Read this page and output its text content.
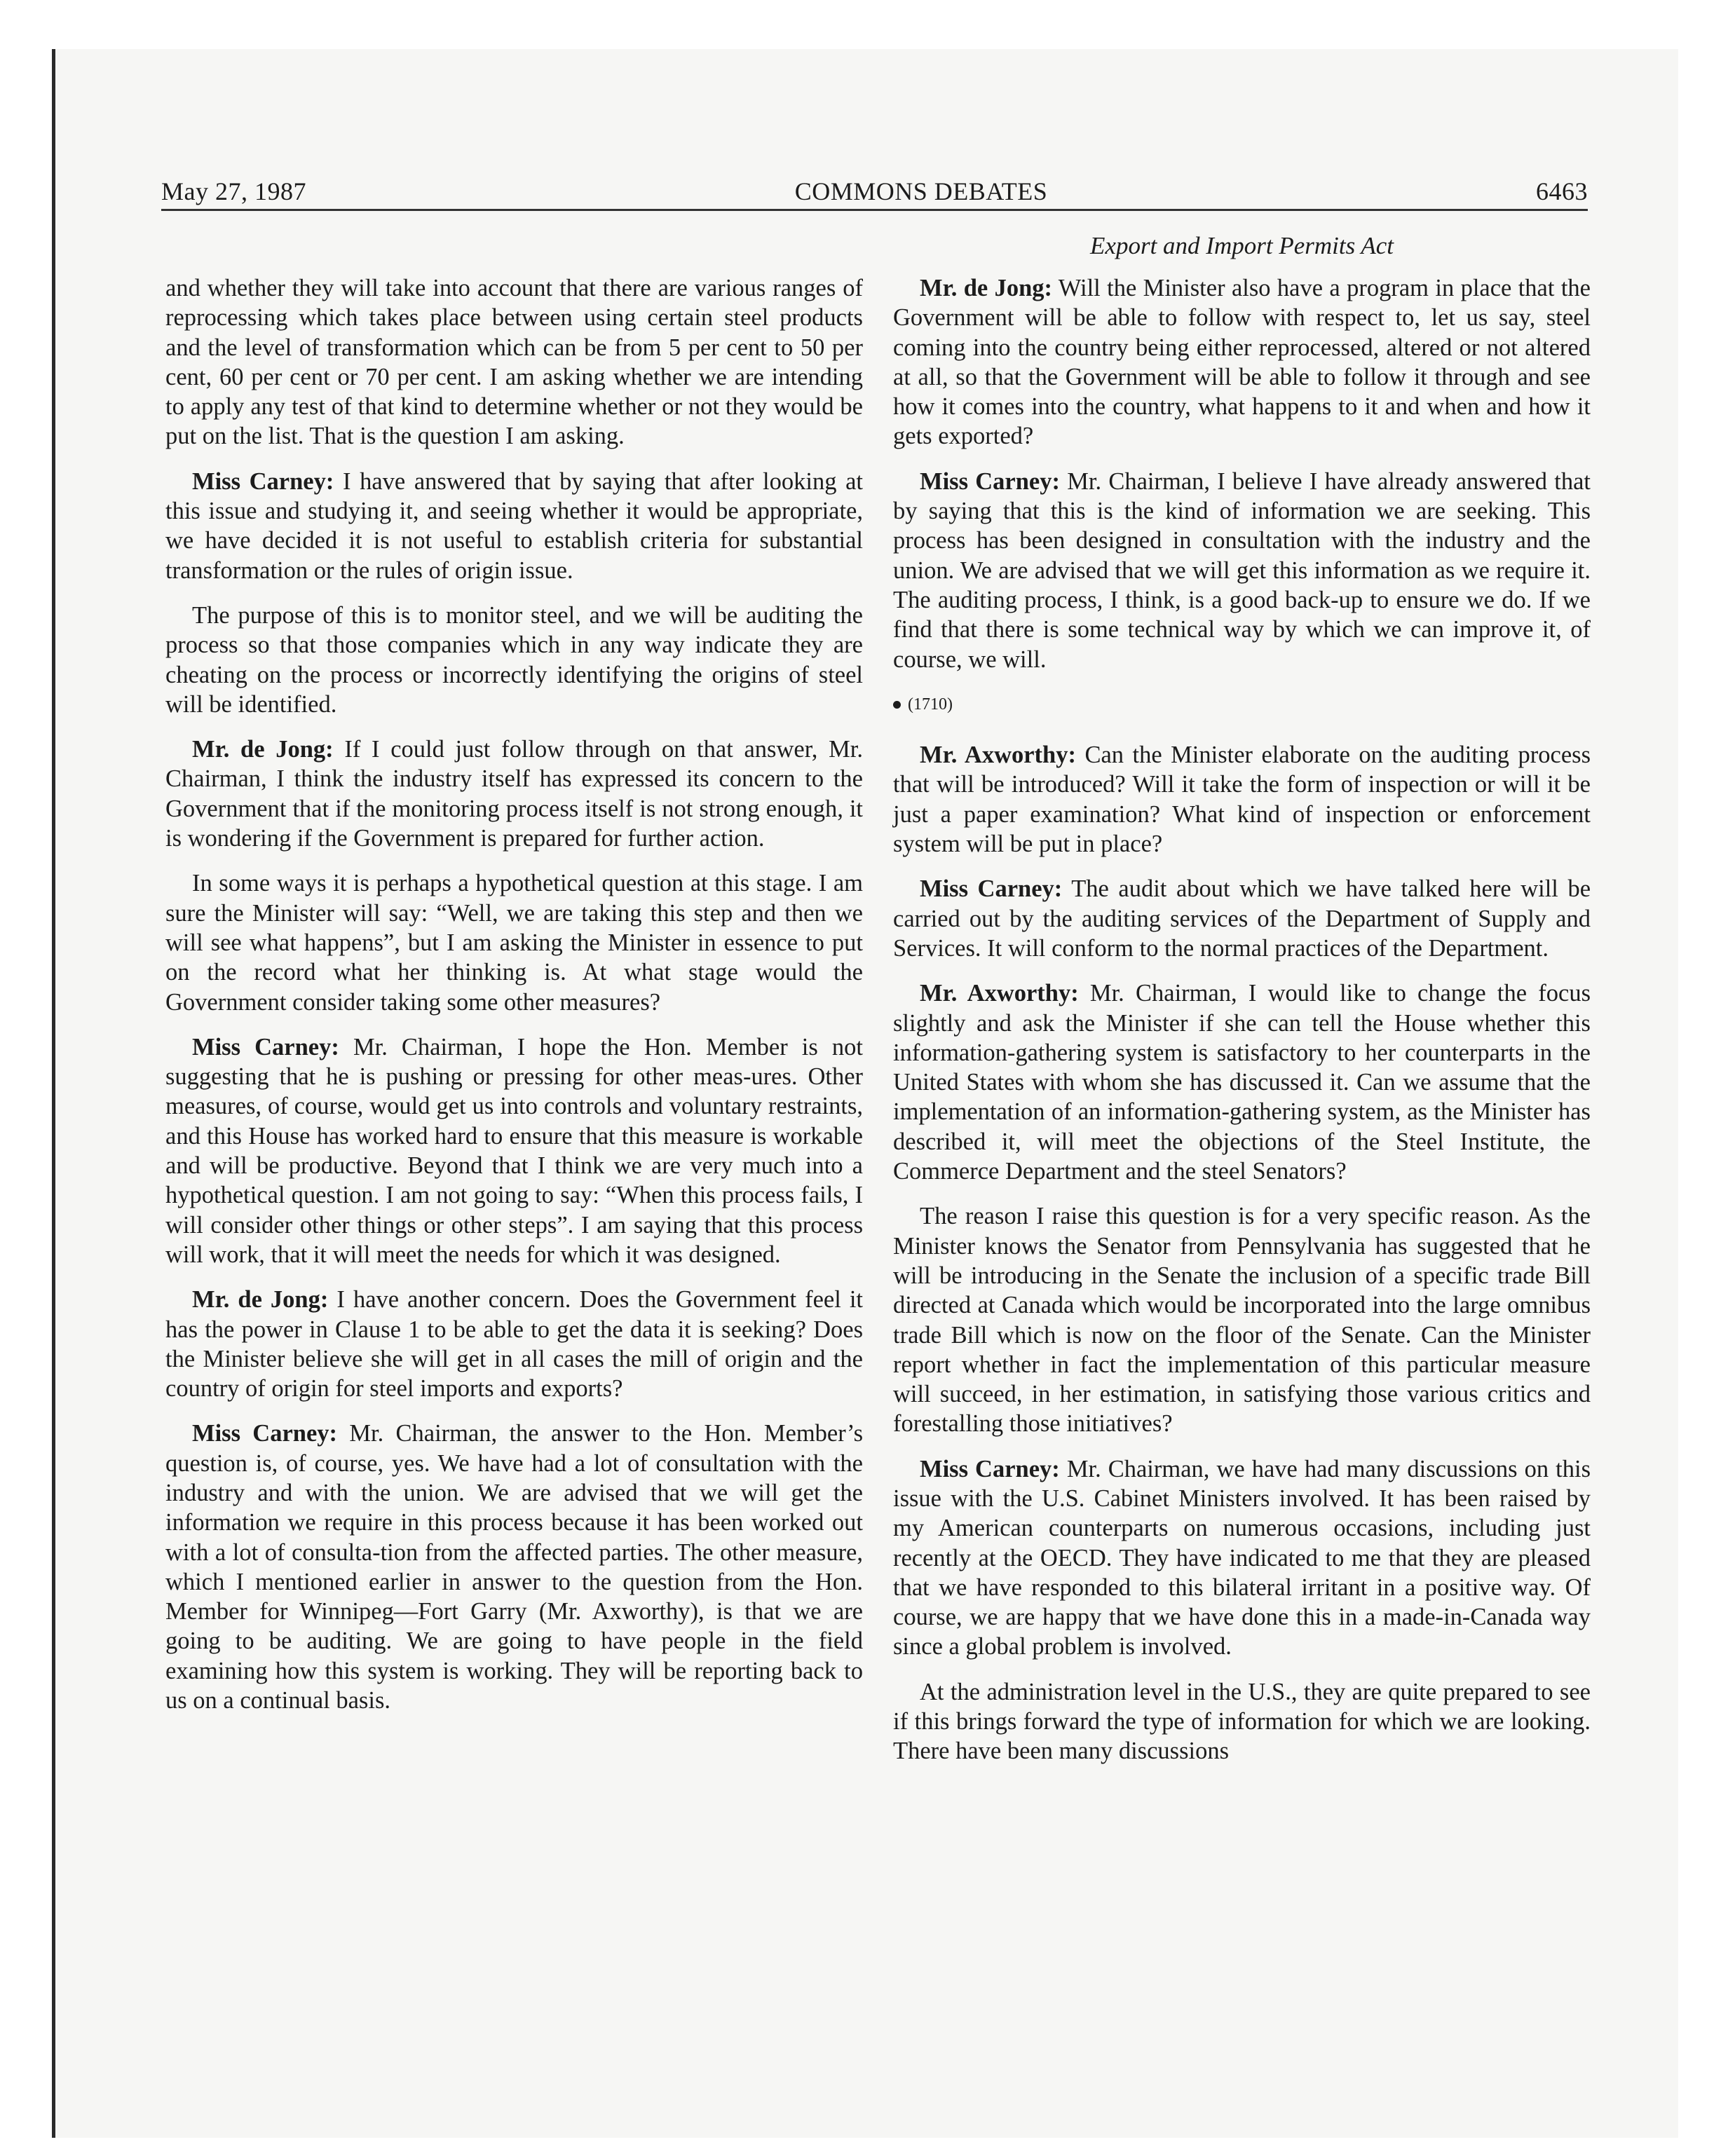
May 27, 1987	COMMONS DEBATES	6463

and whether they will take into account that there are various ranges of reprocessing which takes place between using certain steel products and the level of transformation which can be from 5 per cent to 50 per cent, 60 per cent or 70 per cent. I am asking whether we are intending to apply any test of that kind to determine whether or not they would be put on the list. That is the question I am asking.

Miss Carney: I have answered that by saying that after looking at this issue and studying it, and seeing whether it would be appropriate, we have decided it is not useful to establish criteria for substantial transformation or the rules of origin issue.

The purpose of this is to monitor steel, and we will be auditing the process so that those companies which in any way indicate they are cheating on the process or incorrectly identifying the origins of steel will be identified.

Mr. de Jong: If I could just follow through on that answer, Mr. Chairman, I think the industry itself has expressed its concern to the Government that if the monitoring process itself is not strong enough, it is wondering if the Government is prepared for further action.

In some ways it is perhaps a hypothetical question at this stage. I am sure the Minister will say: “Well, we are taking this step and then we will see what happens”, but I am asking the Minister in essence to put on the record what her thinking is. At what stage would the Government consider taking some other measures?

Miss Carney: Mr. Chairman, I hope the Hon. Member is not suggesting that he is pushing or pressing for other meas-ures. Other measures, of course, would get us into controls and voluntary restraints, and this House has worked hard to ensure that this measure is workable and will be productive. Beyond that I think we are very much into a hypothetical question. I am not going to say: “When this process fails, I will consider other things or other steps”. I am saying that this process will work, that it will meet the needs for which it was designed.

Mr. de Jong: I have another concern. Does the Government feel it has the power in Clause 1 to be able to get the data it is seeking? Does the Minister believe she will get in all cases the mill of origin and the country of origin for steel imports and exports?

Miss Carney: Mr. Chairman, the answer to the Hon. Member’s question is, of course, yes. We have had a lot of consultation with the industry and with the union. We are advised that we will get the information we require in this process because it has been worked out with a lot of consulta-tion from the affected parties. The other measure, which I mentioned earlier in answer to the question from the Hon. Member for Winnipeg—Fort Garry (Mr. Axworthy), is that we are going to be auditing. We are going to have people in the field examining how this system is working. They will be reporting back to us on a continual basis.

Export and Import Permits Act

Mr. de Jong: Will the Minister also have a program in place that the Government will be able to follow with respect to, let us say, steel coming into the country being either reprocessed, altered or not altered at all, so that the Government will be able to follow it through and see how it comes into the country, what happens to it and when and how it gets exported?

Miss Carney: Mr. Chairman, I believe I have already answered that by saying that this is the kind of information we are seeking. This process has been designed in consultation with the industry and the union. We are advised that we will get this information as we require it. The auditing process, I think, is a good back-up to ensure we do. If we find that there is some technical way by which we can improve it, of course, we will.

(1710)

Mr. Axworthy: Can the Minister elaborate on the auditing process that will be introduced? Will it take the form of inspection or will it be just a paper examination? What kind of inspection or enforcement system will be put in place?

Miss Carney: The audit about which we have talked here will be carried out by the auditing services of the Department of Supply and Services. It will conform to the normal practices of the Department.

Mr. Axworthy: Mr. Chairman, I would like to change the focus slightly and ask the Minister if she can tell the House whether this information-gathering system is satisfactory to her counterparts in the United States with whom she has discussed it. Can we assume that the implementation of an information-gathering system, as the Minister has described it, will meet the objections of the Steel Institute, the Commerce Department and the steel Senators?

The reason I raise this question is for a very specific reason. As the Minister knows the Senator from Pennsylvania has suggested that he will be introducing in the Senate the inclusion of a specific trade Bill directed at Canada which would be incorporated into the large omnibus trade Bill which is now on the floor of the Senate. Can the Minister report whether in fact the implementation of this particular measure will succeed, in her estimation, in satisfying those various critics and forestalling those initiatives?

Miss Carney: Mr. Chairman, we have had many discussions on this issue with the U.S. Cabinet Ministers involved. It has been raised by my American counterparts on numerous occasions, including just recently at the OECD. They have indicated to me that they are pleased that we have responded to this bilateral irritant in a positive way. Of course, we are happy that we have done this in a made-in-Canada way since a global problem is involved.

At the administration level in the U.S., they are quite prepared to see if this brings forward the type of information for which we are looking. There have been many discussions
